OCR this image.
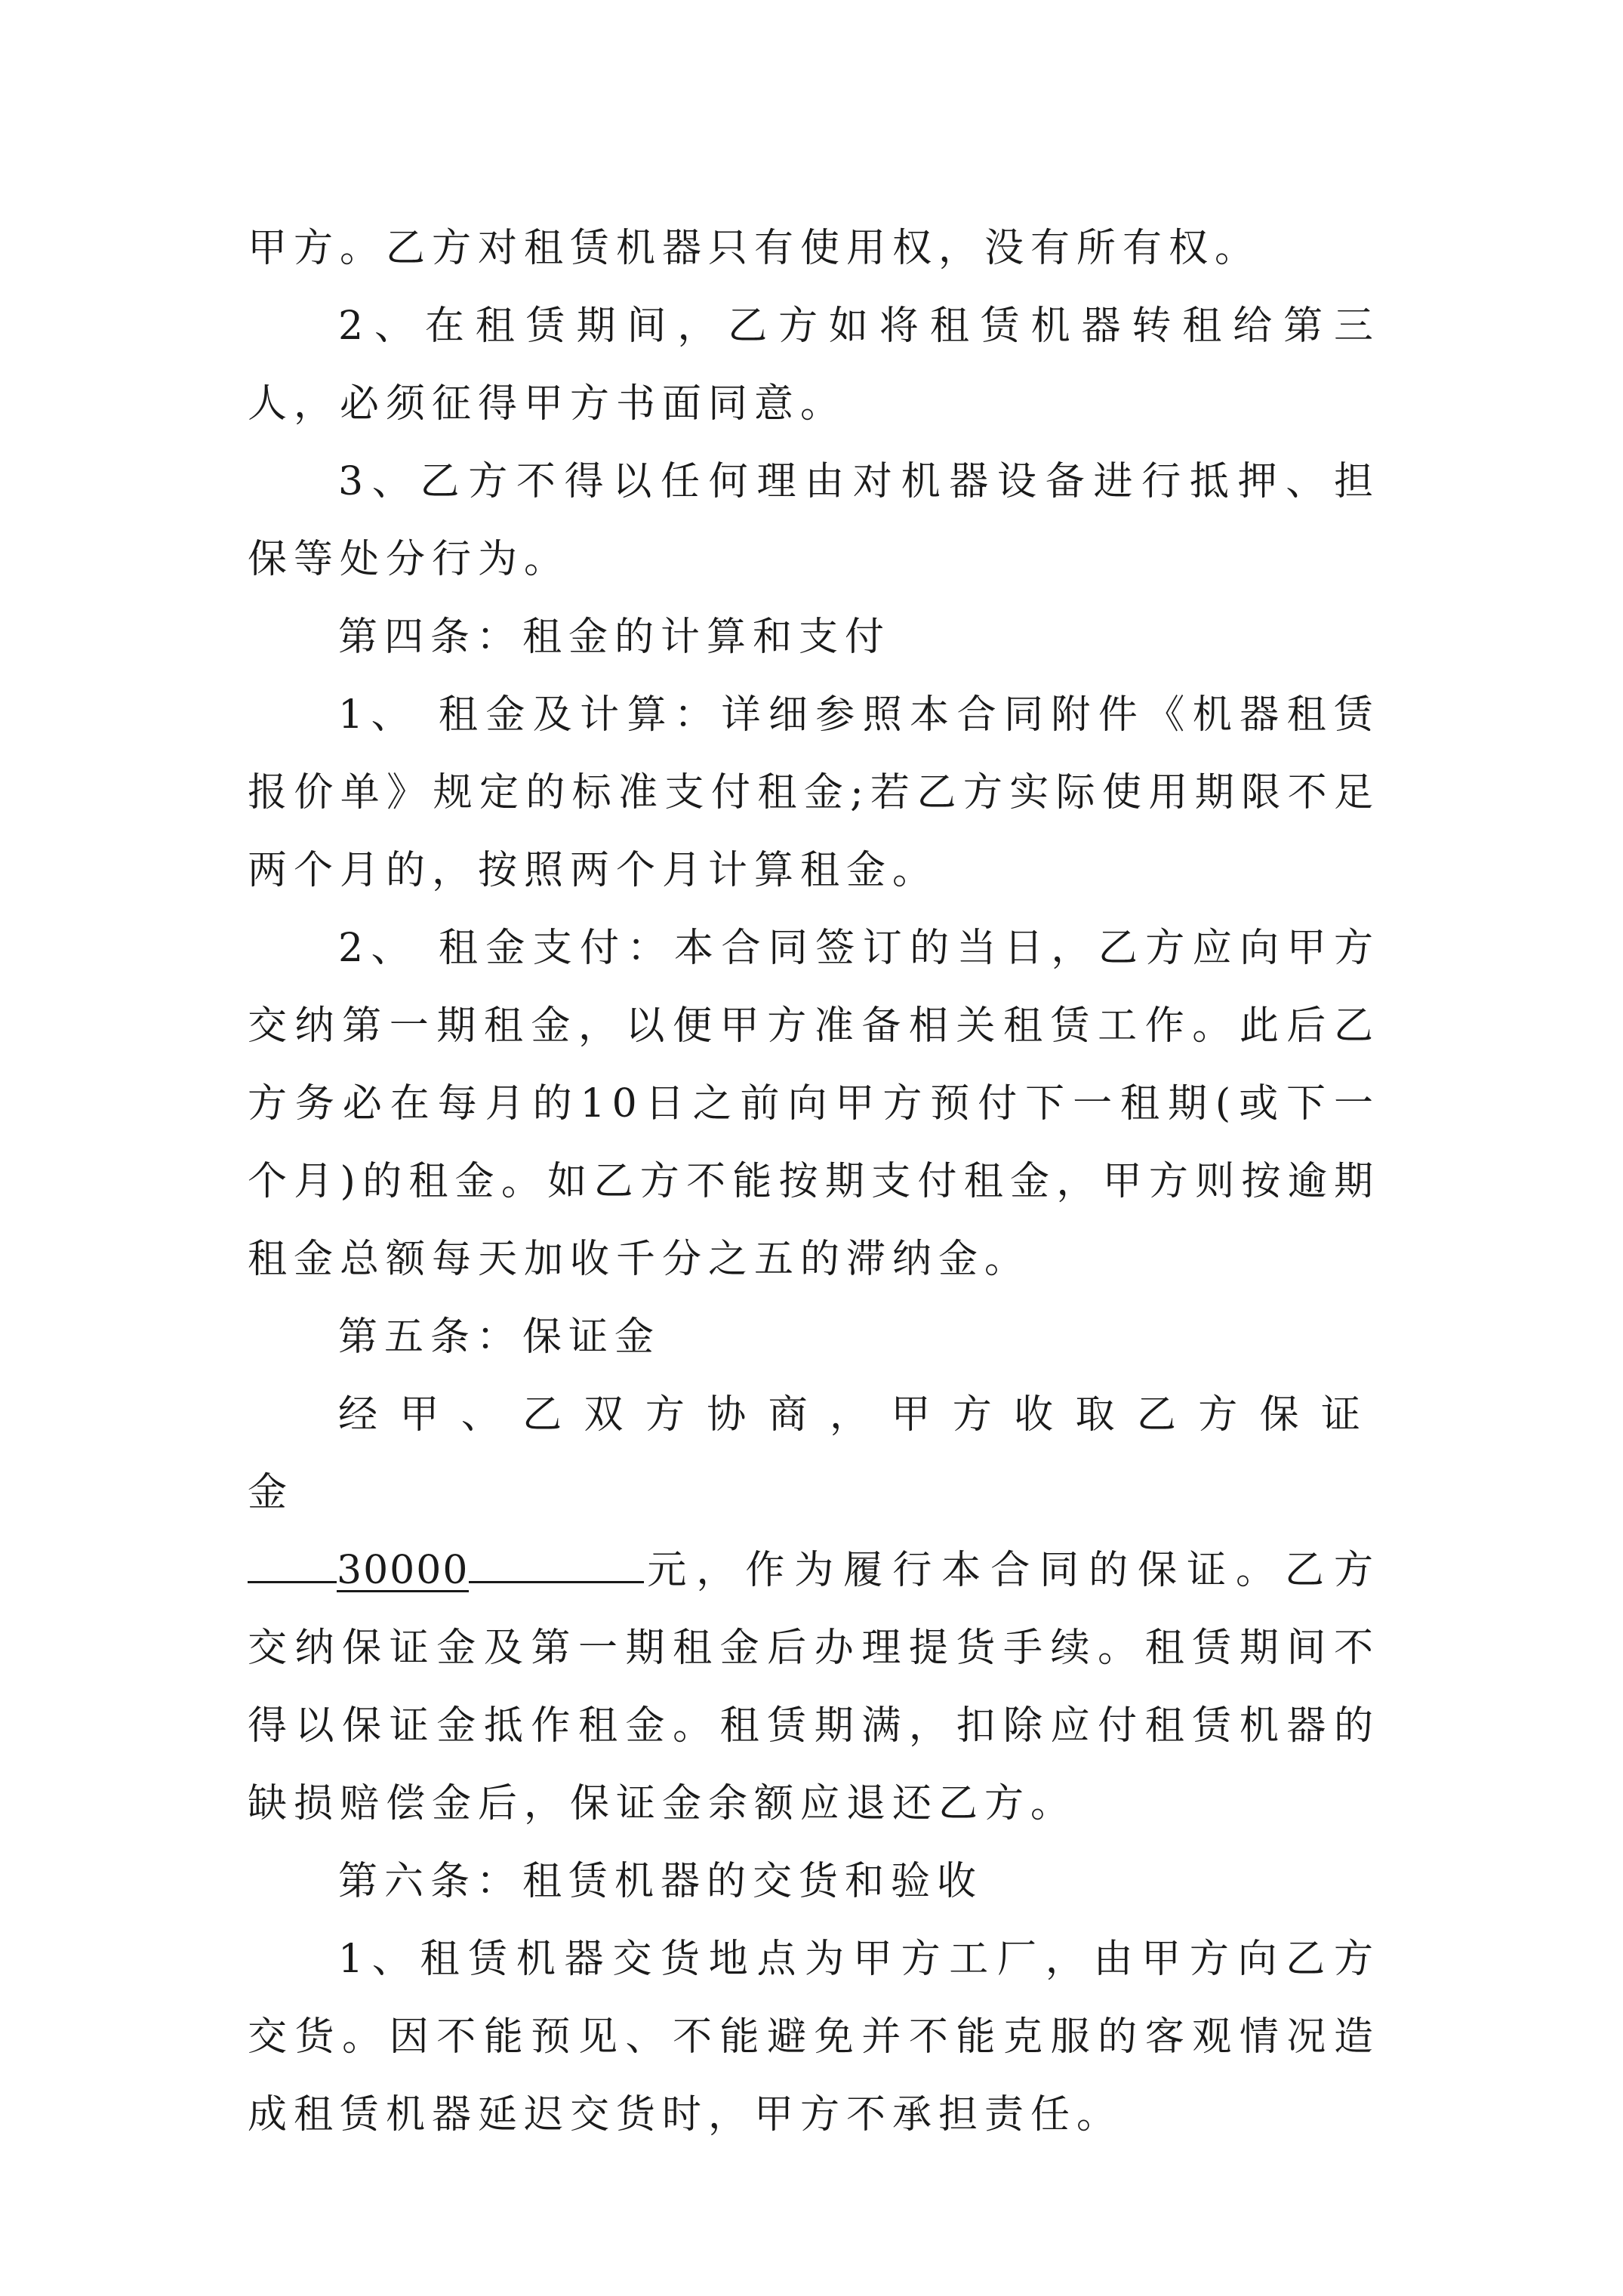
甲方。乙方对租赁机器只有使用权，没有所有权。

2、在租赁期间，乙方如将租赁机器转租给第三人，必须征得甲方书面同意。

3、乙方不得以任何理由对机器设备进行抵押、担保等处分行为。

第四条：租金的计算和支付

1、 租金及计算：详细参照本合同附件《机器租赁报价单》规定的标准支付租金;若乙方实际使用期限不足两个月的，按照两个月计算租金。

2、 租金支付：本合同签订的当日，乙方应向甲方交纳第一期租金，以便甲方准备相关租赁工作。此后乙方务必在每月的10日之前向甲方预付下一租期(或下一个月)的租金。如乙方不能按期支付租金，甲方则按逾期租金总额每天加收千分之五的滞纳金。

第五条：保证金

经甲、乙双方协商，甲方收取乙方保证金

30000	元，作为履行本合同的保证。乙方交纳保证金及第一期租金后办理提货手续。租赁期间不得以保证金抵作租金。租赁期满，扣除应付租赁机器的缺损赔偿金后，保证金余额应退还乙方。

第六条：租赁机器的交货和验收

1、租赁机器交货地点为甲方工厂，由甲方向乙方交货。因不能预见、不能避免并不能克服的客观情况造成租赁机器延迟交货时，甲方不承担责任。
